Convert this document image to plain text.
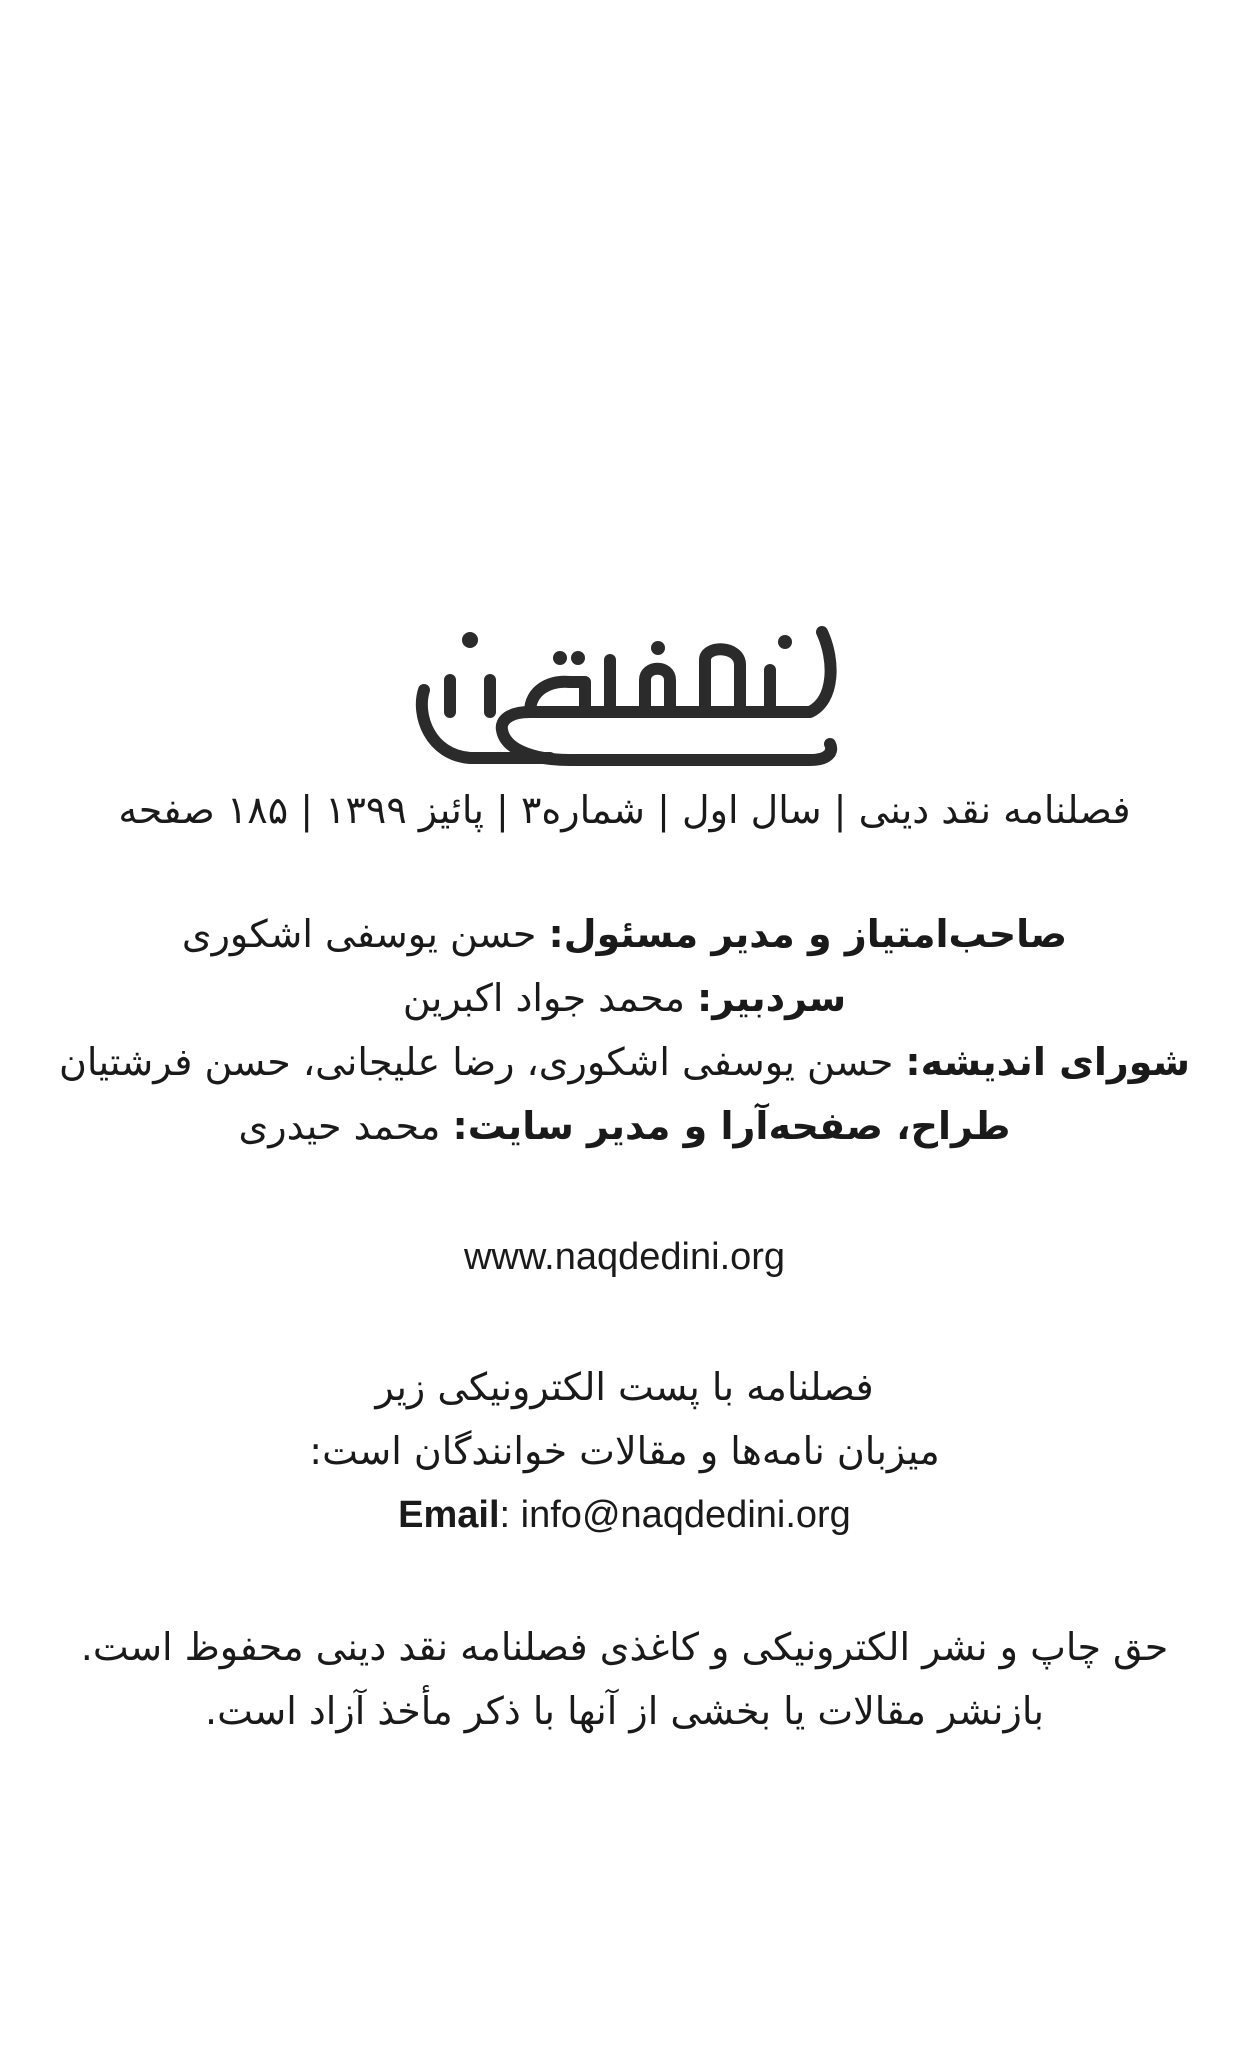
فصلنامه نقد دینی | سال اول | شماره۳ | پائیز ۱۳۹۹ | ۱۸۵ صفحه
صاحب‌امتیاز و مدیر مسئول: حسن یوسفی اشکوری
سردبیر: محمد جواد اکبرین
شورای اندیشه: حسن یوسفی اشکوری، رضا علیجانی، حسن فرشتیان
طراح، صفحه‌آرا و مدیر سایت: محمد حیدری
www.naqdedini.org
فصلنامه با پست الکترونیکی زیر
میزبان نامه‌ها و مقالات خوانندگان است:
Email: info@naqdedini.org
حق چاپ و نشر الکترونیکی و کاغذی فصلنامه نقد دینی محفوظ است.
بازنشر مقالات یا بخشی از آنها با ذکر مأخذ آزاد است.
